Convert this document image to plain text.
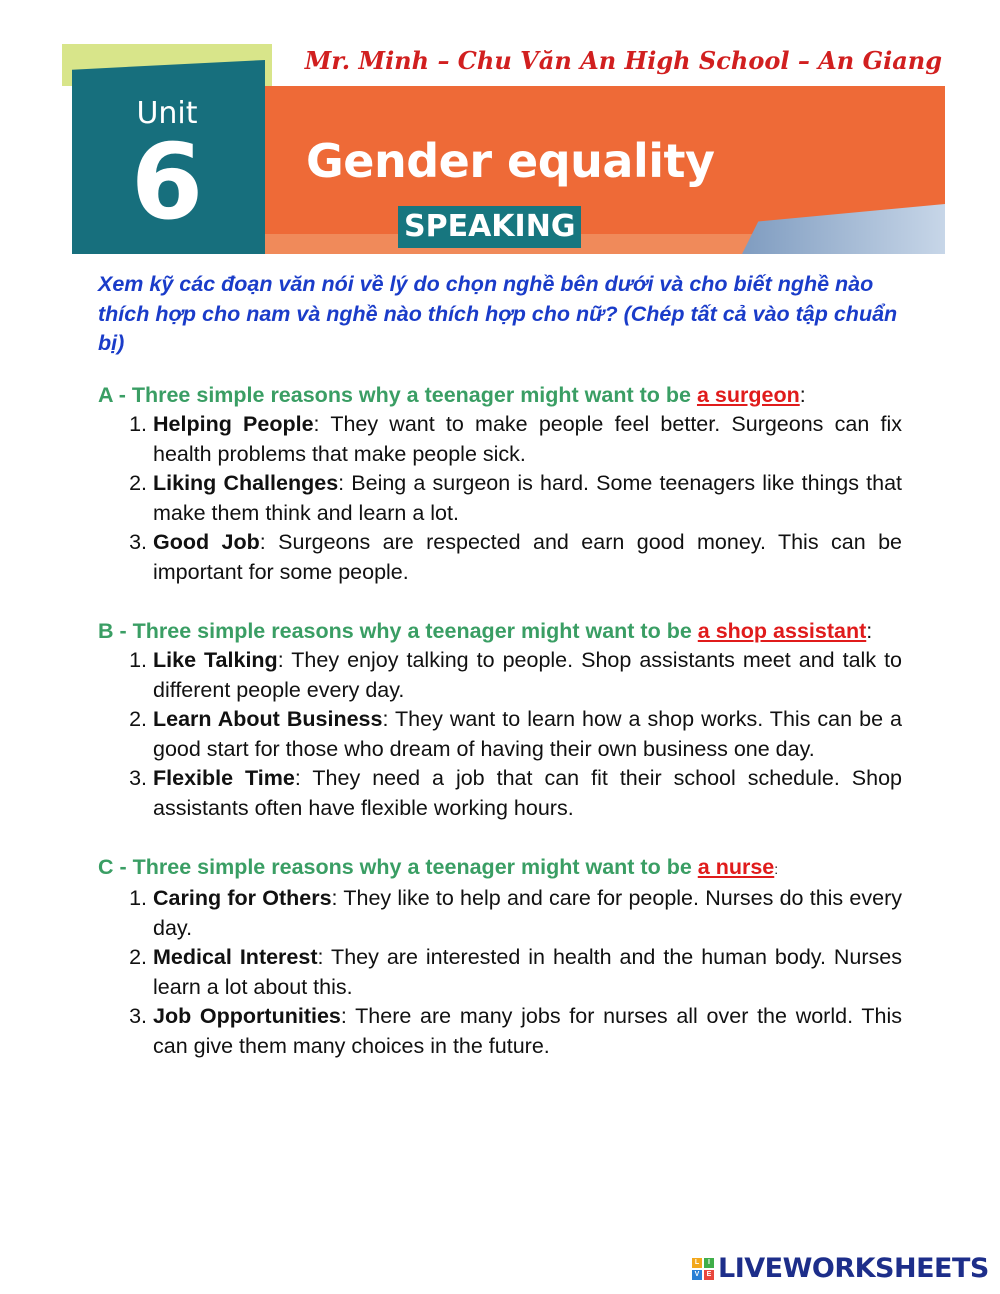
Unit
6	Gender equality
SPEAKING
Mr. Minh – Chu Văn An High School – An Giang

Xem kỹ các đoạn văn nói về lý do chọn nghề bên dưới và cho biết nghề nào thích hợp cho nam và nghề nào thích hợp cho nữ? (Chép tất cả vào tập chuẩn bị)

A - Three simple reasons why a teenager might want to be a surgeon:

1. Helping People: They want to make people feel better. Surgeons can fix health problems that make people sick.
2. Liking Challenges: Being a surgeon is hard. Some teenagers like things that make them think and learn a lot.
3. Good Job: Surgeons are respected and earn good money. This can be important for some people.

B - Three simple reasons why a teenager might want to be a shop assistant:

1. Like Talking: They enjoy talking to people. Shop assistants meet and talk to different people every day.
2. Learn About Business: They want to learn how a shop works. This can be a good start for those who dream of having their own business one day.
3. Flexible Time: They need a job that can fit their school schedule. Shop assistants often have flexible working hours.

C - Three simple reasons why a teenager might want to be a nurse:

1. Caring for Others: They like to help and care for people. Nurses do this every day.
2. Medical Interest: They are interested in health and the human body. Nurses learn a lot about this.
3. Job Opportunities: There are many jobs for nurses all over the world. This can give them many choices in the future.
L	I
V	E LIVEWORKSHEETS
